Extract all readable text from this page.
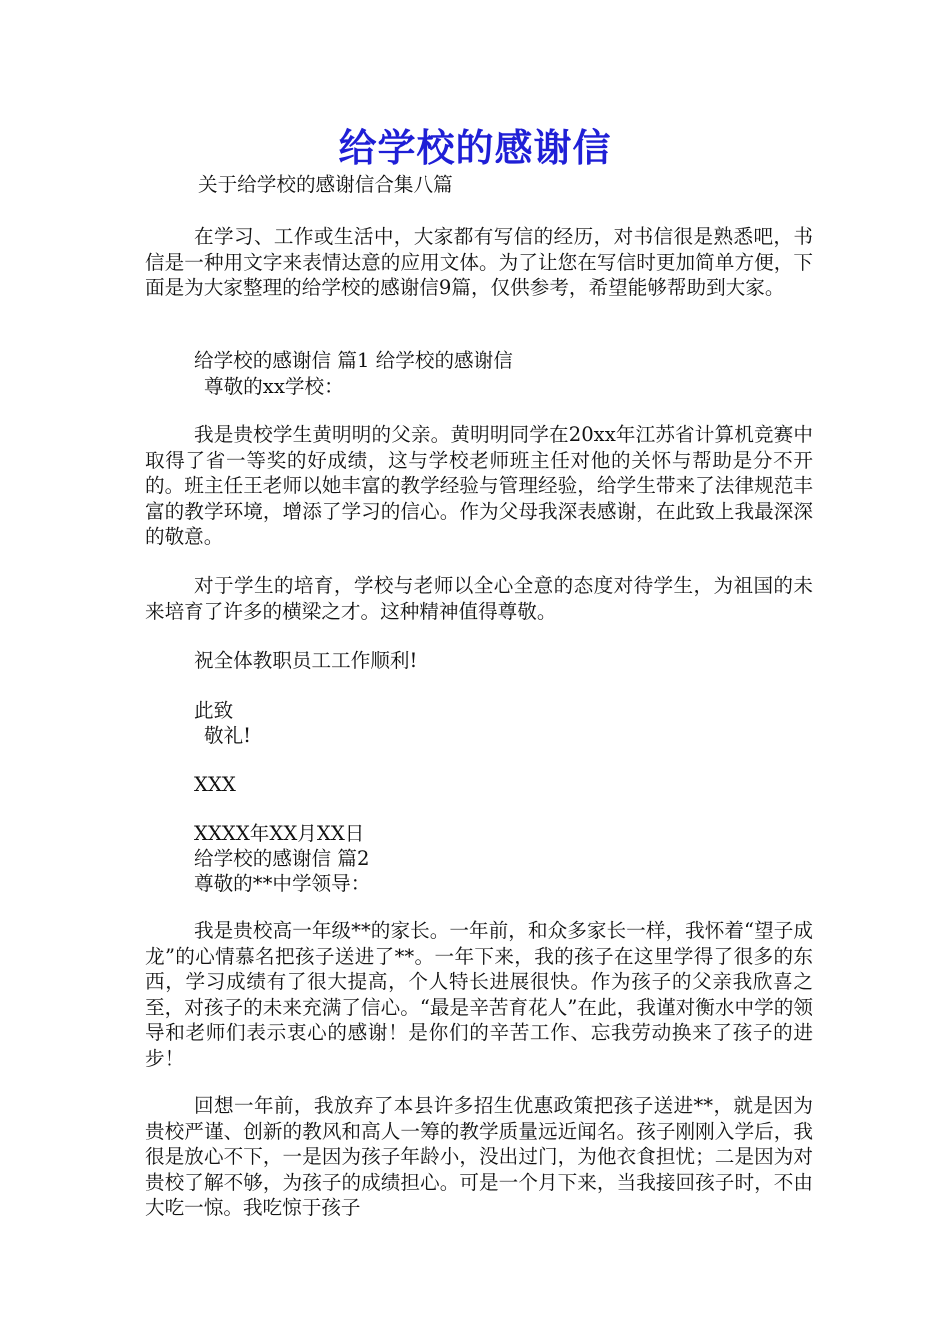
给学校的感谢信
关于给学校的感谢信合集八篇
在学习、工作或生活中，大家都有写信的经历，对书信很是熟悉吧，书信是一种用文字来表情达意的应用文体。为了让您在写信时更加简单方便，下面是为大家整理的给学校的感谢信9篇，仅供参考，希望能够帮助到大家。
给学校的感谢信 篇1 给学校的感谢信
尊敬的xx学校：
我是贵校学生黄明明的父亲。黄明明同学在20xx年江苏省计算机竞赛中取得了省一等奖的好成绩，这与学校老师班主任对他的关怀与帮助是分不开的。班主任王老师以她丰富的教学经验与管理经验，给学生带来了法律规范丰富的教学环境，增添了学习的信心。作为父母我深表感谢，在此致上我最深深的敬意。
对于学生的培育，学校与老师以全心全意的态度对待学生，为祖国的未来培育了许多的横梁之才。这种精神值得尊敬。
祝全体教职员工工作顺利!
此致
敬礼!
XXX
XXXX年XX月XX日
给学校的感谢信 篇2
尊敬的**中学领导：
我是贵校高一年级**的家长。一年前，和众多家长一样，我怀着“望子成龙”的心情慕名把孩子送进了**。一年下来，我的孩子在这里学得了很多的东西，学习成绩有了很大提高，个人特长进展很快。作为孩子的父亲我欣喜之至，对孩子的未来充满了信心。“最是辛苦育花人”在此，我谨对衡水中学的领导和老师们表示衷心的感谢！是你们的辛苦工作、忘我劳动换来了孩子的进步！
回想一年前，我放弃了本县许多招生优惠政策把孩子送进**，就是因为贵校严谨、创新的教风和高人一筹的教学质量远近闻名。孩子刚刚入学后，我很是放心不下，一是因为孩子年龄小，没出过门，为他衣食担忧；二是因为对贵校了解不够，为孩子的成绩担心。可是一个月下来，当我接回孩子时，不由大吃一惊。我吃惊于孩子
